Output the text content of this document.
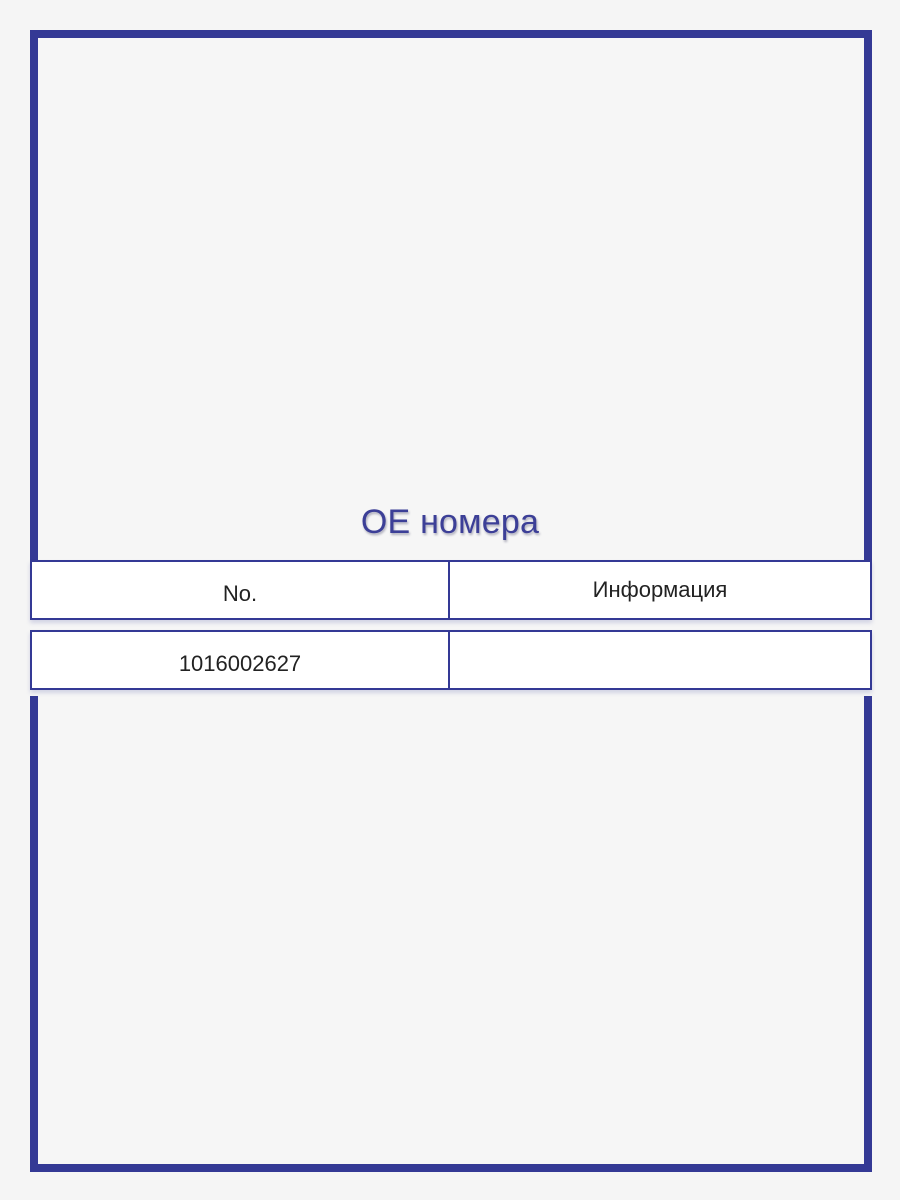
OE номера
No.	Информация
1016002627
